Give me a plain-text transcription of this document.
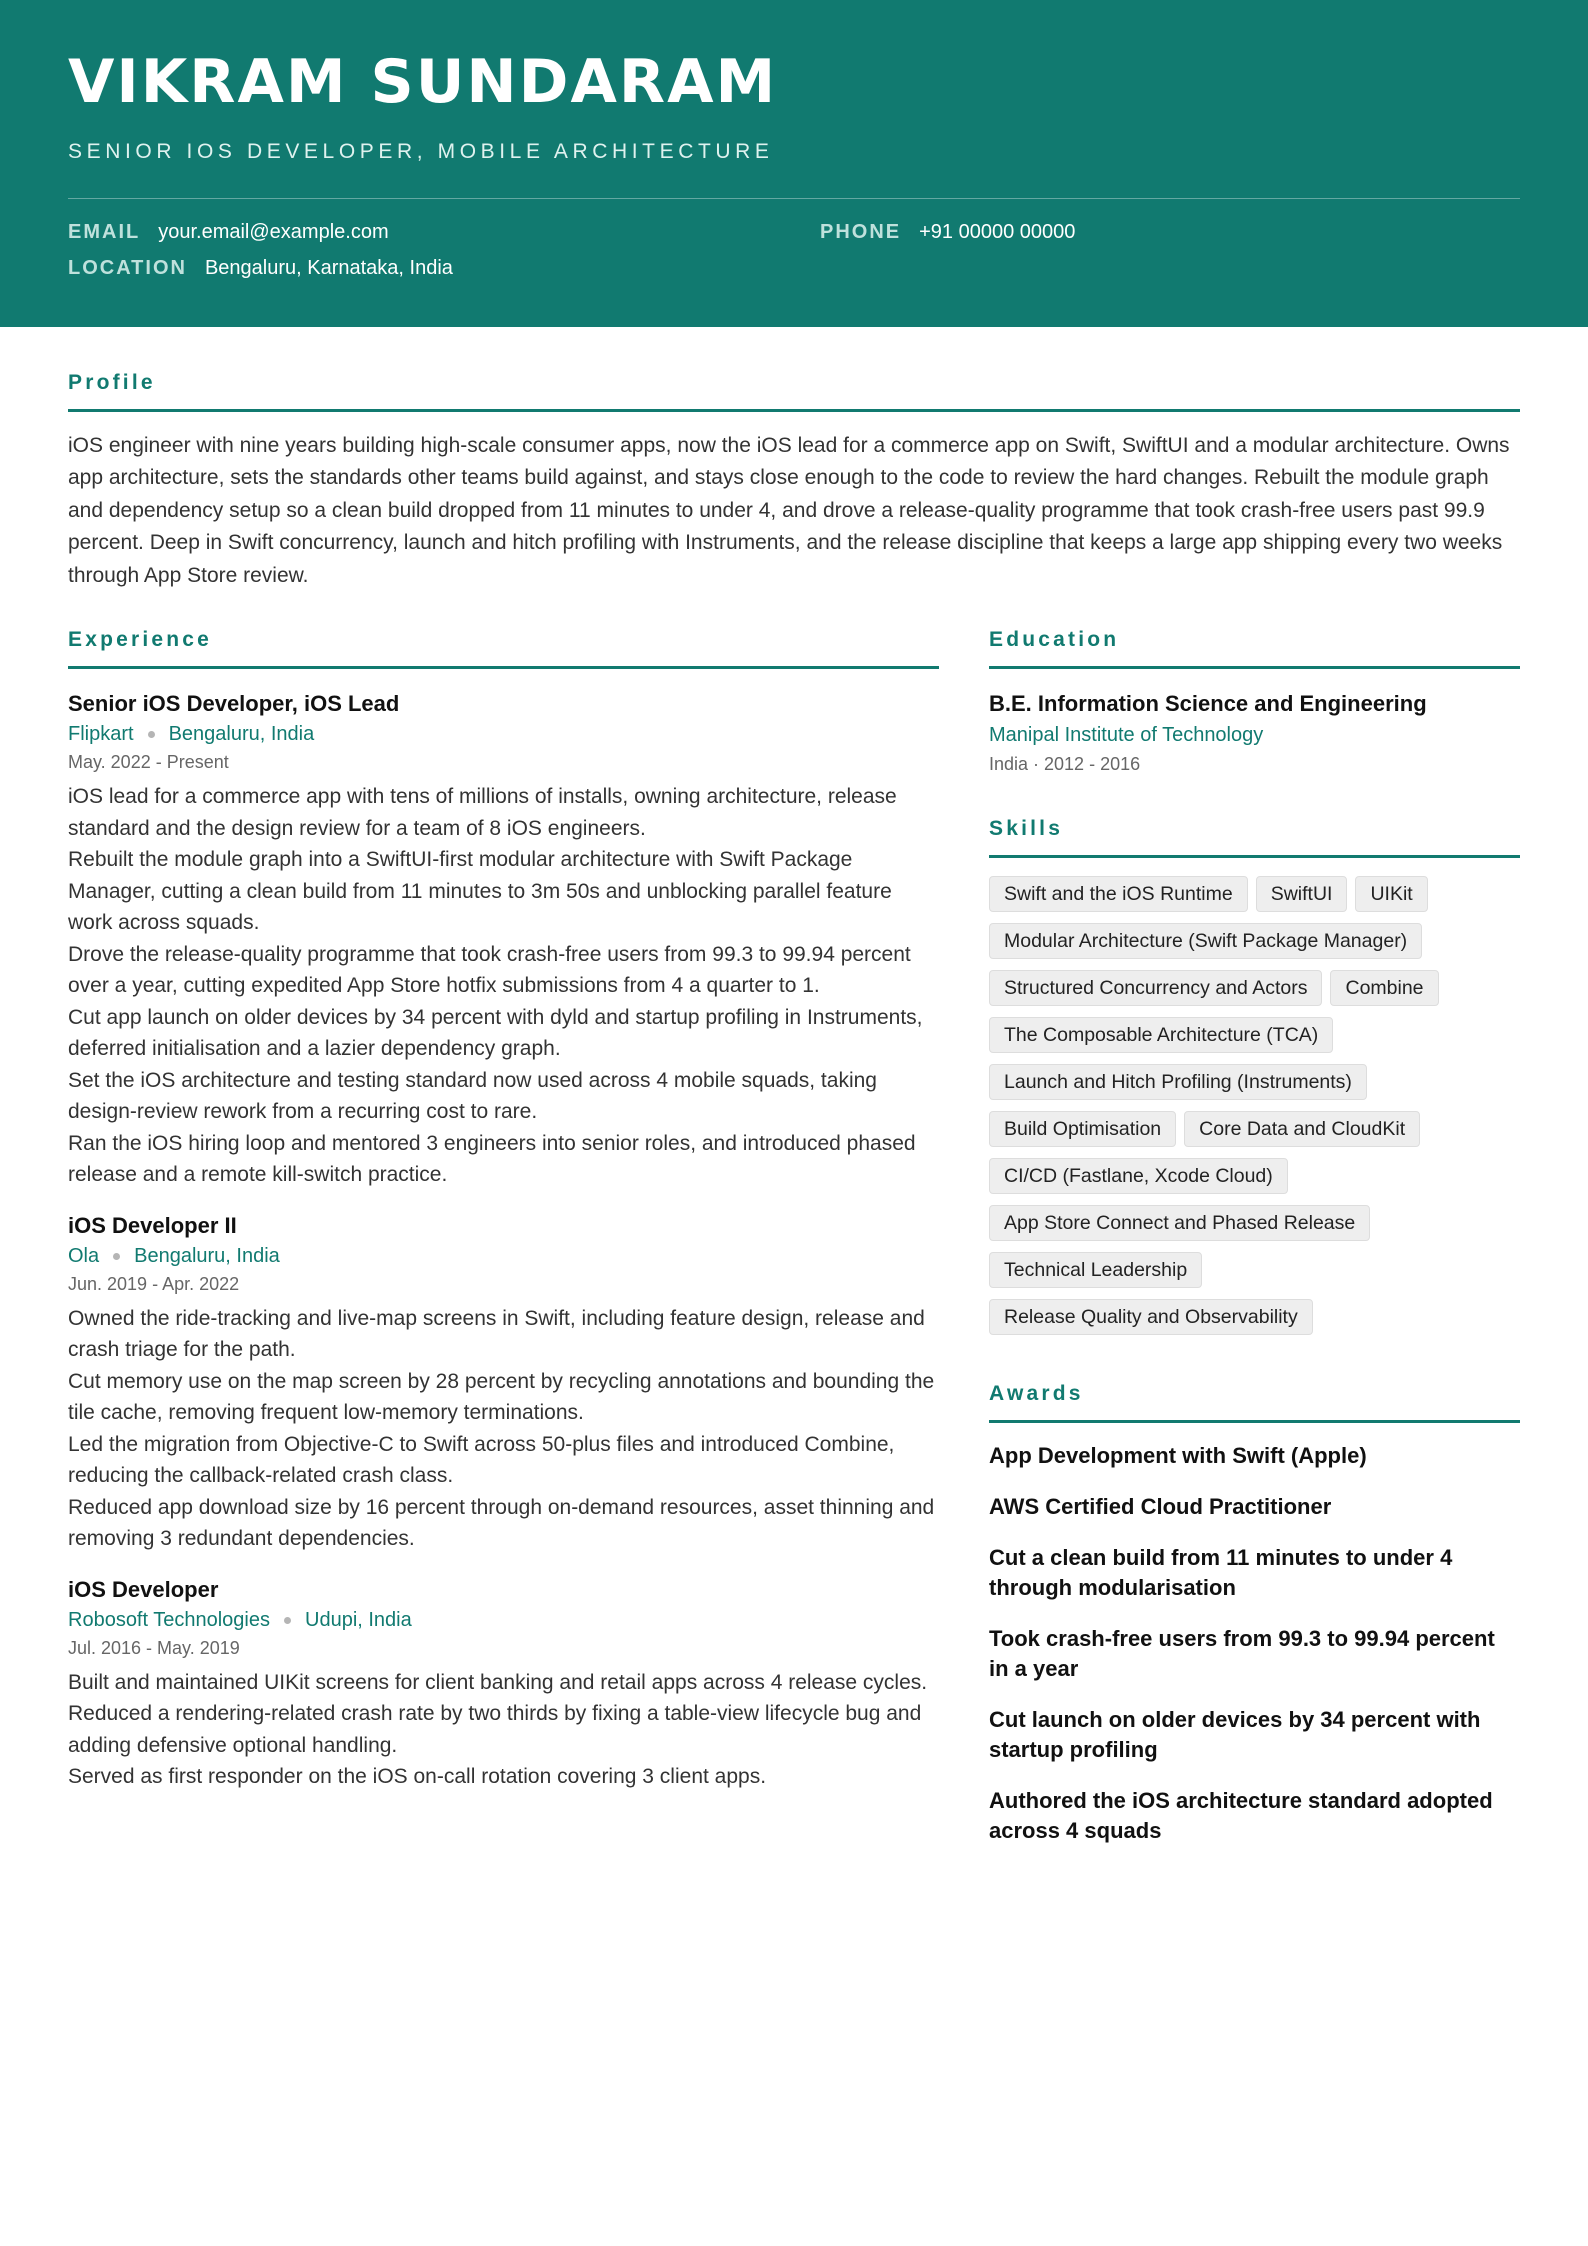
VIKRAM SUNDARAM
SENIOR IOS DEVELOPER, MOBILE ARCHITECTURE
EMAIL your.email@example.com	PHONE +91 00000 00000
LOCATION Bengaluru, Karnataka, India
Profile

iOS engineer with nine years building high-scale consumer apps, now the iOS lead for a commerce app on Swift, SwiftUI and a modular architecture. Owns app architecture, sets the standards other teams build against, and stays close enough to the code to review the hard changes. Rebuilt the module graph and dependency setup so a clean build dropped from 11 minutes to under 4, and drove a release-quality programme that took crash-free users past 99.9 percent. Deep in Swift concurrency, launch and hitch profiling with Instruments, and the release discipline that keeps a large app shipping every two weeks through App Store review.

Experience
Senior iOS Developer, iOS Lead
Flipkart Bengaluru, India
May. 2022 - Present
iOS lead for a commerce app with tens of millions of installs, owning architecture, release standard and the design review for a team of 8 iOS engineers.
Rebuilt the module graph into a SwiftUI-first modular architecture with Swift Package Manager, cutting a clean build from 11 minutes to 3m 50s and unblocking parallel feature work across squads.
Drove the release-quality programme that took crash-free users from 99.3 to 99.94 percent over a year, cutting expedited App Store hotfix submissions from 4 a quarter to 1.
Cut app launch on older devices by 34 percent with dyld and startup profiling in Instruments, deferred initialisation and a lazier dependency graph.
Set the iOS architecture and testing standard now used across 4 mobile squads, taking design-review rework from a recurring cost to rare.
Ran the iOS hiring loop and mentored 3 engineers into senior roles, and introduced phased release and a remote kill-switch practice.
iOS Developer II
Ola Bengaluru, India
Jun. 2019 - Apr. 2022
Owned the ride-tracking and live-map screens in Swift, including feature design, release and crash triage for the path.
Cut memory use on the map screen by 28 percent by recycling annotations and bounding the tile cache, removing frequent low-memory terminations.
Led the migration from Objective-C to Swift across 50-plus files and introduced Combine, reducing the callback-related crash class.
Reduced app download size by 16 percent through on-demand resources, asset thinning and removing 3 redundant dependencies.
iOS Developer
Robosoft Technologies Udupi, India
Jul. 2016 - May. 2019
Built and maintained UIKit screens for client banking and retail apps across 4 release cycles.
Reduced a rendering-related crash rate by two thirds by fixing a table-view lifecycle bug and adding defensive optional handling.
Served as first responder on the iOS on-call rotation covering 3 client apps.
Education
B.E. Information Science and Engineering
Manipal Institute of Technology
India · 2012 - 2016
Skills
Swift and the iOS Runtime	SwiftUI	UIKit
Modular Architecture (Swift Package Manager)
Structured Concurrency and Actors	Combine
The Composable Architecture (TCA)
Launch and Hitch Profiling (Instruments)
Build Optimisation	Core Data and CloudKit
CI/CD (Fastlane, Xcode Cloud)
App Store Connect and Phased Release
Technical Leadership
Release Quality and Observability
Awards
App Development with Swift (Apple)
AWS Certified Cloud Practitioner
Cut a clean build from 11 minutes to under 4 through modularisation
Took crash-free users from 99.3 to 99.94 percent in a year
Cut launch on older devices by 34 percent with startup profiling
Authored the iOS architecture standard adopted across 4 squads
